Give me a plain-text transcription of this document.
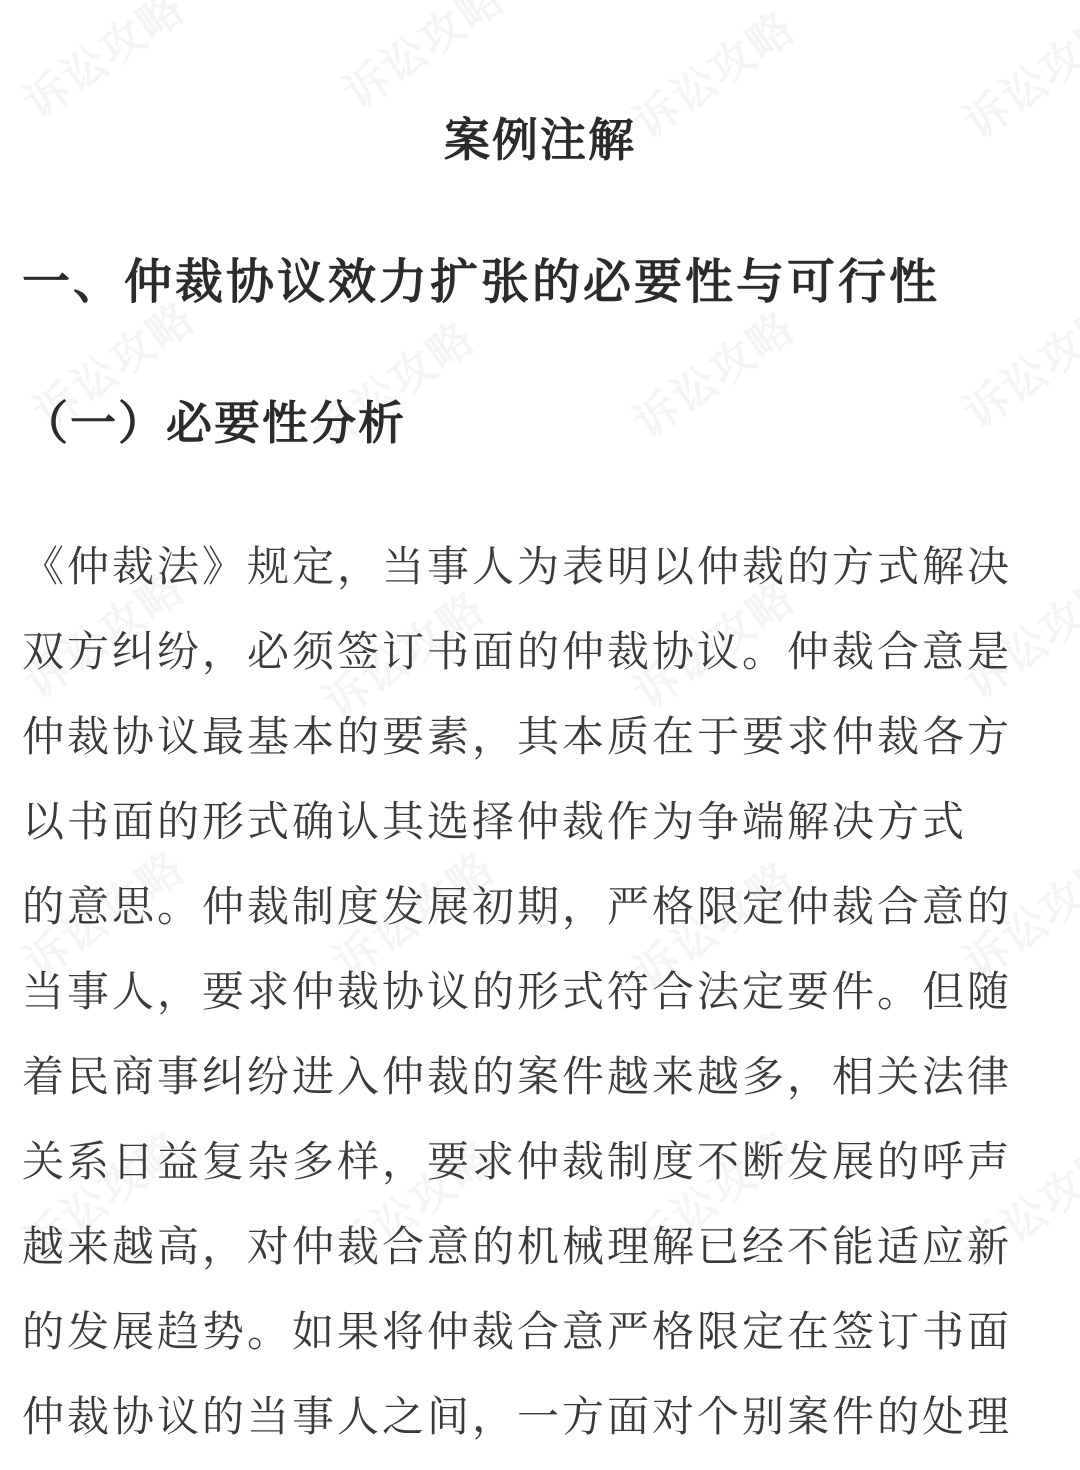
案例注解
一、仲裁协议效力扩张的必要性与可行性
（一）必要性分析
《仲裁法》规定，当事人为表明以仲裁的方式解决
双方纠纷，必须签订书面的仲裁协议。仲裁合意是
仲裁协议最基本的要素，其本质在于要求仲裁各方
以书面的形式确认其选择仲裁作为争端解决方式
的意思。仲裁制度发展初期，严格限定仲裁合意的
当事人，要求仲裁协议的形式符合法定要件。但随
着民商事纠纷进入仲裁的案件越来越多，相关法律
关系日益复杂多样，要求仲裁制度不断发展的呼声
越来越高，对仲裁合意的机械理解已经不能适应新
的发展趋势。如果将仲裁合意严格限定在签订书面
仲裁协议的当事人之间，一方面对个别案件的处理
